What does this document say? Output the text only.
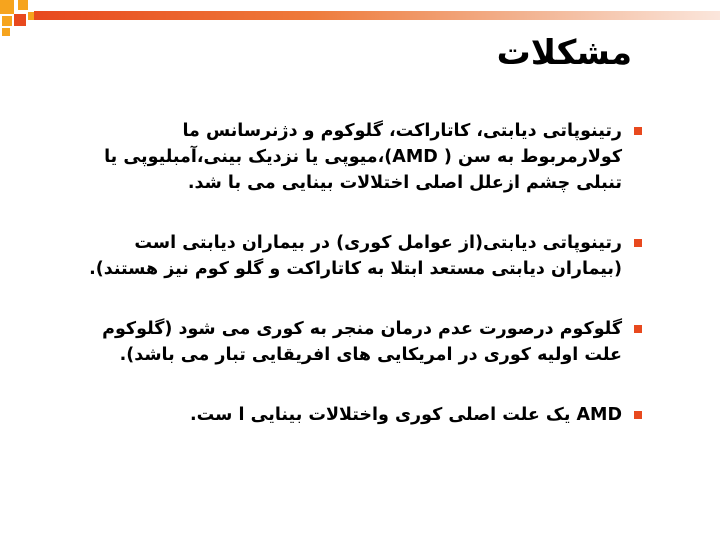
مشکلات
رتینوپاتی دیابتی، کاتاراکت، گلوکوم و دژنرسانس ما کولارمربوط به سن ( AMD)،میوپی یا نزدیک بینی،آمبلیوپی یا تنبلی چشم ازعلل اصلی اختلالات بینایی می با شد.
رتینوپاتی دیابتی(از عوامل کوری) در بیماران دیابتی است (بیماران دیابتی مستعد ابتلا به کاتاراکت و گلو کوم نیز هستند).
گلوکوم درصورت عدم درمان منجر به کوری می شود (گلوکوم علت اولیه کوری در امریکایی های افریقایی تبار می باشد).
AMD یک علت اصلی کوری واختلالات بینایی ا ست.
